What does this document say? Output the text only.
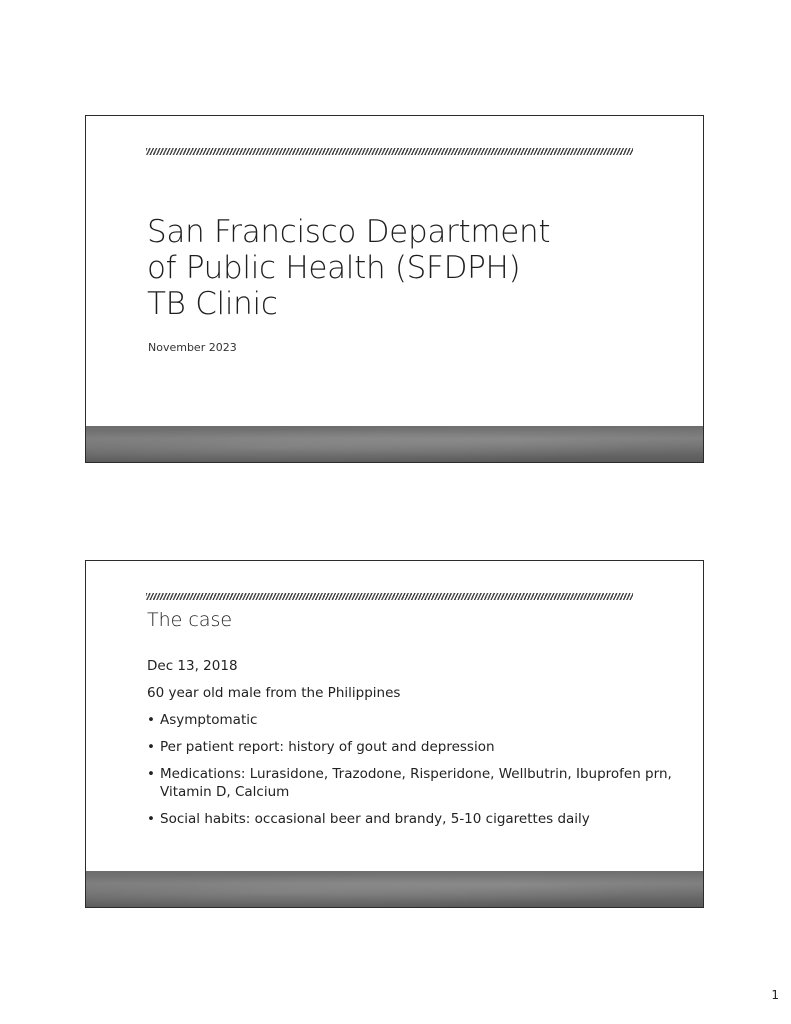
San Francisco Department
of Public Health (SFDPH)
TB Clinic
November 2023
The case

Dec 13, 2018

60 year old male from the Philippines

• Asymptomatic
• Per patient report: history of gout and depression
• Medications: Lurasidone, Trazodone, Risperidone, Wellbutrin, Ibuprofen prn, Vitamin D, Calcium
• Social habits: occasional beer and brandy, 5-10 cigarettes daily
1
